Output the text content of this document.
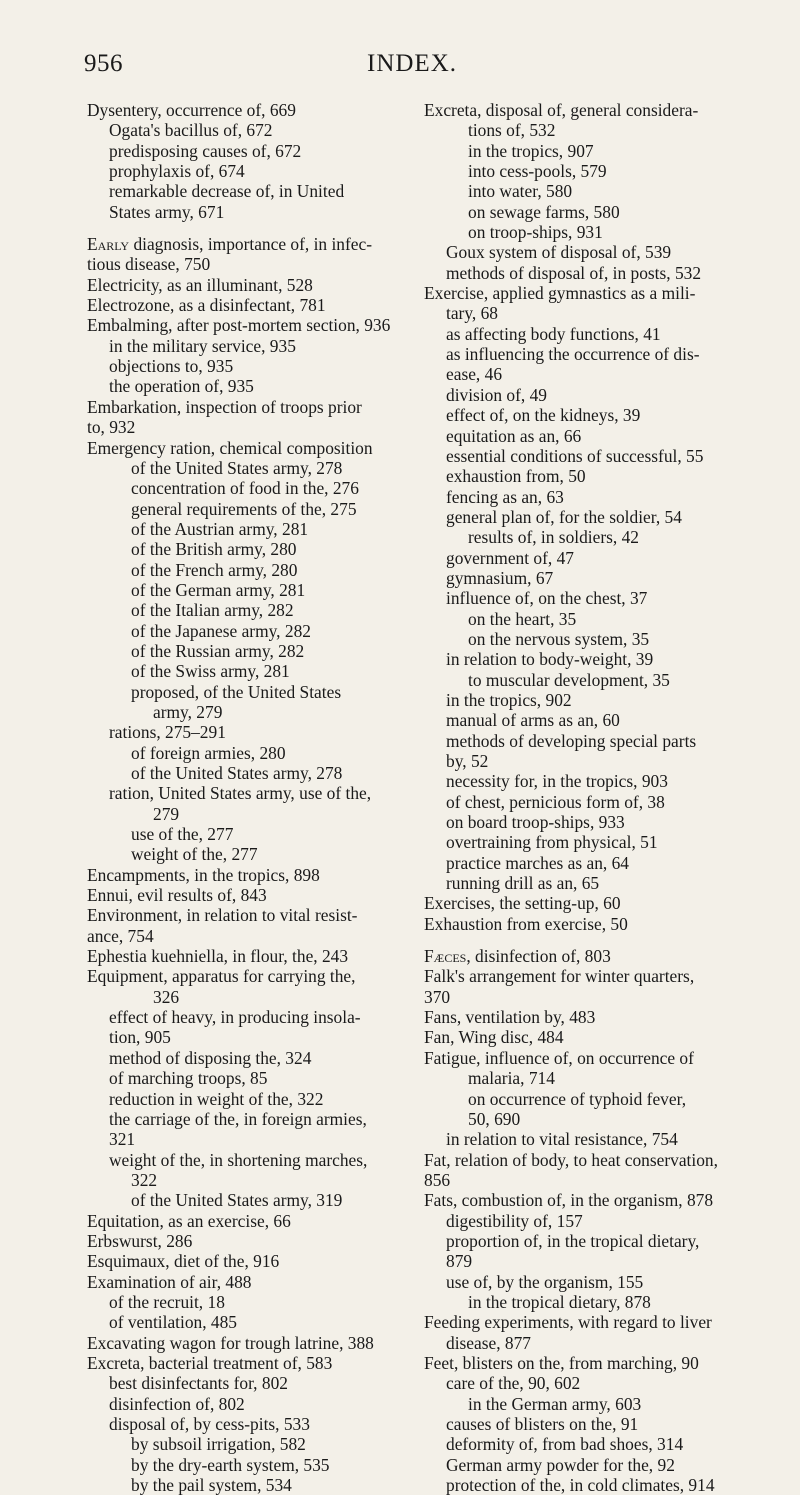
956	INDEX.
Dysentery, occurrence of, 669
Ogata's bacillus of, 672
predisposing causes of, 672
prophylaxis of, 674
remarkable decrease of, in United
States army, 671
Early diagnosis, importance of, in infec-
tious disease, 750
Electricity, as an illuminant, 528
Electrozone, as a disinfectant, 781
Embalming, after post-mortem section, 936
in the military service, 935
objections to, 935
the operation of, 935
Embarkation, inspection of troops prior
to, 932
Emergency ration, chemical composition
of the United States army, 278
concentration of food in the, 276
general requirements of the, 275
of the Austrian army, 281
of the British army, 280
of the French army, 280
of the German army, 281
of the Italian army, 282
of the Japanese army, 282
of the Russian army, 282
of the Swiss army, 281
proposed, of the United States
army, 279
rations, 275–291
of foreign armies, 280
of the United States army, 278
ration, United States army, use of the,
279
use of the, 277
weight of the, 277
Encampments, in the tropics, 898
Ennui, evil results of, 843
Environment, in relation to vital resist-
ance, 754
Ephestia kuehniella, in flour, the, 243
Equipment, apparatus for carrying the,
326
effect of heavy, in producing insola-
tion, 905
method of disposing the, 324
of marching troops, 85
reduction in weight of the, 322
the carriage of the, in foreign armies,
321
weight of the, in shortening marches,
322
of the United States army, 319
Equitation, as an exercise, 66
Erbswurst, 286
Esquimaux, diet of the, 916
Examination of air, 488
of the recruit, 18
of ventilation, 485
Excavating wagon for trough latrine, 388
Excreta, bacterial treatment of, 583
best disinfectants for, 802
disinfection of, 802
disposal of, by cess-pits, 533
by subsoil irrigation, 582
by the dry-earth system, 535
by the pail system, 534
Excreta, disposal of, general considera-
tions of, 532
in the tropics, 907
into cess-pools, 579
into water, 580
on sewage farms, 580
on troop-ships, 931
Goux system of disposal of, 539
methods of disposal of, in posts, 532
Exercise, applied gymnastics as a mili-
tary, 68
as affecting body functions, 41
as influencing the occurrence of dis-
ease, 46
division of, 49
effect of, on the kidneys, 39
equitation as an, 66
essential conditions of successful, 55
exhaustion from, 50
fencing as an, 63
general plan of, for the soldier, 54
results of, in soldiers, 42
government of, 47
gymnasium, 67
influence of, on the chest, 37
on the heart, 35
on the nervous system, 35
in relation to body-weight, 39
to muscular development, 35
in the tropics, 902
manual of arms as an, 60
methods of developing special parts
by, 52
necessity for, in the tropics, 903
of chest, pernicious form of, 38
on board troop-ships, 933
overtraining from physical, 51
practice marches as an, 64
running drill as an, 65
Exercises, the setting-up, 60
Exhaustion from exercise, 50
Fæces, disinfection of, 803
Falk's arrangement for winter quarters,
370
Fans, ventilation by, 483
Fan, Wing disc, 484
Fatigue, influence of, on occurrence of
malaria, 714
on occurrence of typhoid fever,
50, 690
in relation to vital resistance, 754
Fat, relation of body, to heat conservation,
856
Fats, combustion of, in the organism, 878
digestibility of, 157
proportion of, in the tropical dietary,
879
use of, by the organism, 155
in the tropical dietary, 878
Feeding experiments, with regard to liver
disease, 877
Feet, blisters on the, from marching, 90
care of the, 90, 602
in the German army, 603
causes of blisters on the, 91
deformity of, from bad shoes, 314
German army powder for the, 92
protection of the, in cold climates, 914
